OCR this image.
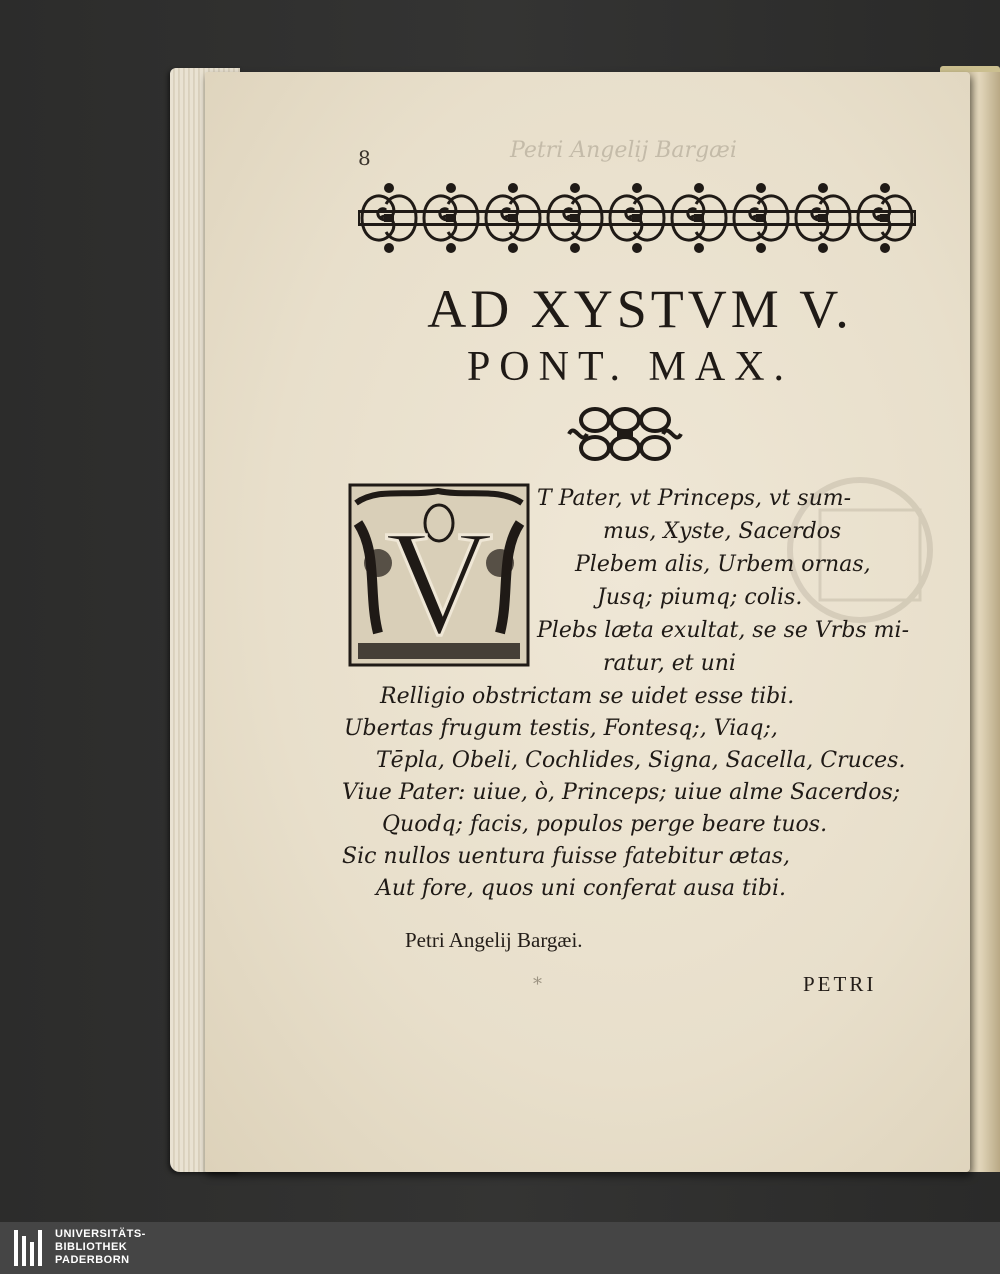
8	Petri Angelij Bargæi
AD XYSTVM V.
PONT. MAX.
V
T Pater, vt Princeps, vt sum-
mus, Xyste, Sacerdos
Plebem alis, Urbem ornas,
Jusq; piumq; colis.
Plebs læta exultat, se se Vrbs mi-
ratur, et uni
Relligio obstrictam se uidet esse tibi.
Ubertas frugum testis, Fontesq;, Viaq;,
Tēpla, Obeli, Cochlides, Signa, Sacella, Cruces.
Viue Pater: uiue, ò, Princeps; uiue alme Sacerdos;
Quodq; facis, populos perge beare tuos.
Sic nullos uentura fuisse fatebitur ætas,
Aut fore, quos uni conferat ausa tibi.
Petri Angelij Bargæi.
*	PETRI
UNIVERSITÄTS-
BIBLIOTHEK
PADERBORN
